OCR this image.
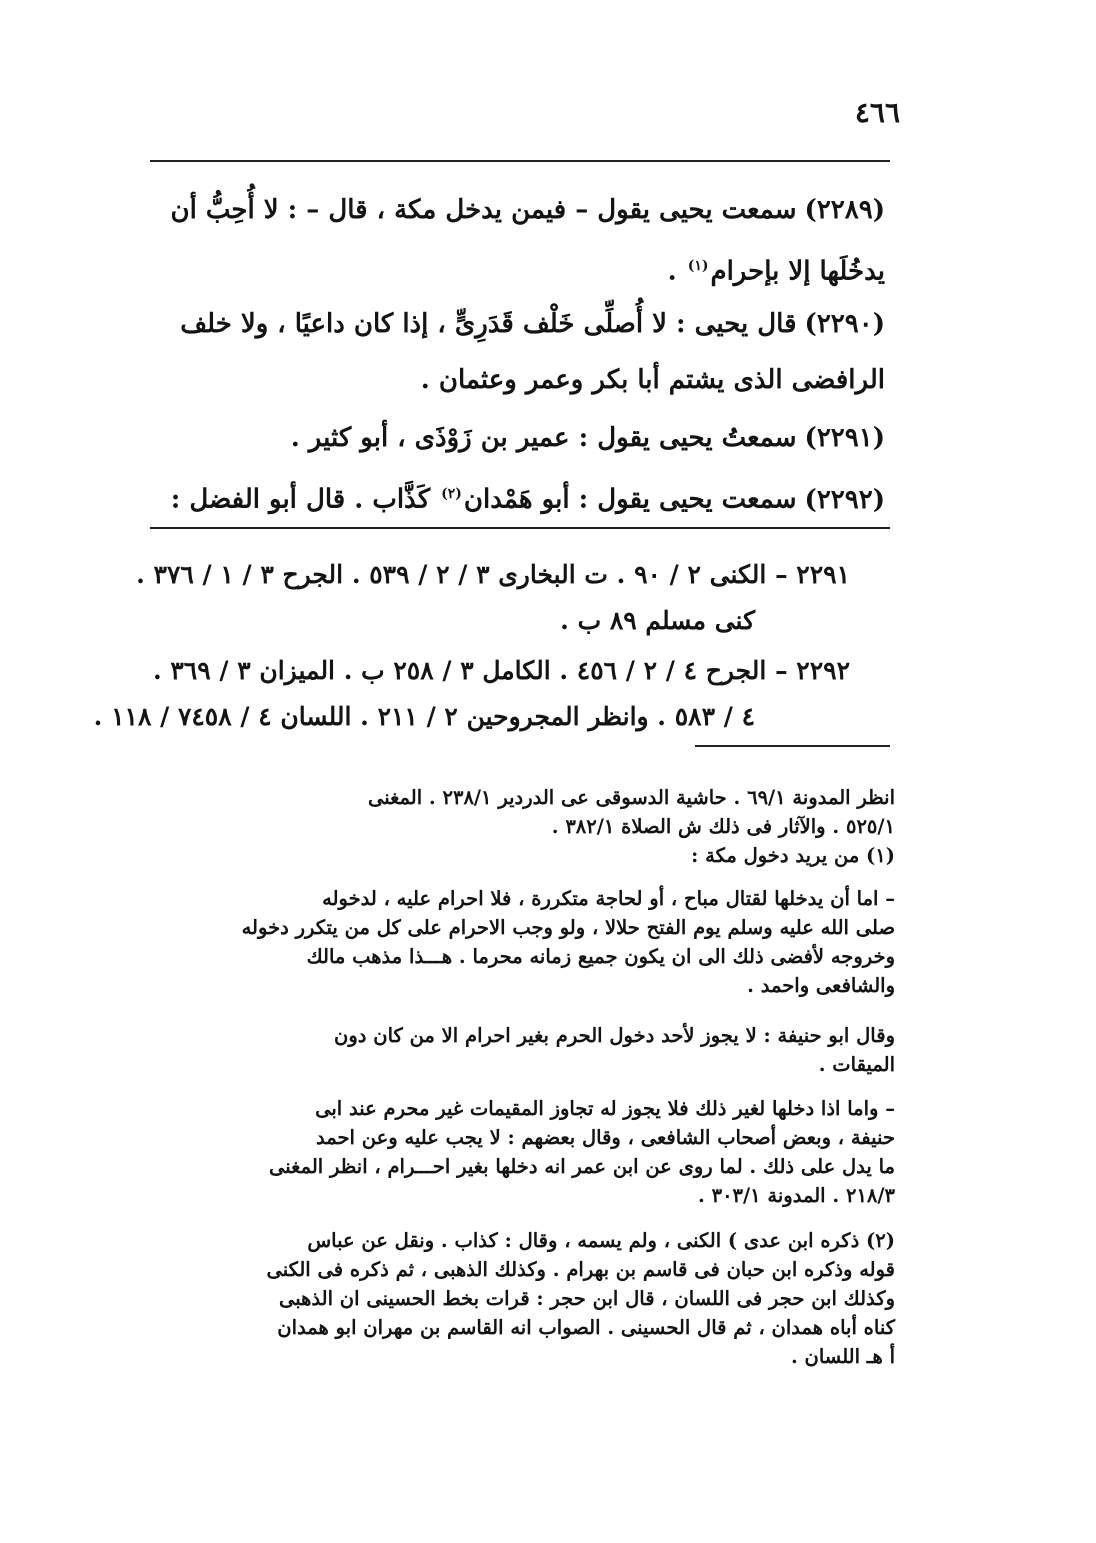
٤٦٦
(٢٢٨٩)سمعت يحيى يقول – فيمن يدخل مكة ، قال – : لا أُحِبُّ أن
يدخُلَها إلا بإحرام$^{(١)}$ .
(٢٢٩٠)قال يحيى : لا أُصلِّى خَلْف قَدَرِىٍّ ، إذا كان داعيًا ، ولا خلف
الرافضى الذى يشتم أبا بكر وعمر وعثمان .
(٢٢٩١)سمعتُ يحيى يقول : عمير بن زَوْذَى ، أبو كثير .
(٢٢٩٢)سمعت يحيى يقول : أبو هَمْدان$^{(٢)}$ كَذَّاب . قال أبو الفضل :
٢٢٩١ – الكنى ٢ / ٩٠ . ت البخارى ٣ / ٢ / ٥٣٩ . الجرح ٣ / ١ / ٣٧٦ .
كنى مسلم ٨٩ ب .
٢٢٩٢ – الجرح ٤ / ٢ / ٤٥٦ . الكامل ٣ / ٢٥٨ ب . الميزان ٣ / ٣٦٩ .
٤ / ٥٨٣ . وانظر المجروحين ٢ / ٢١١ . اللسان ٤ / ٧٤٥٨ / ١١٨ .

انظر المدونة ٦٩/١ . حاشية الدسوقى عى الدردير ٢٣٨/١ . المغنى

٥٢٥/١ . والآثار فى ذلك ش الصلاة ٣٨٢/١ .

(١) من يريد دخول مكة :

– اما أن يدخلها لقتال مباح ، أو لحاجة متكررة ، فلا احرام عليه ، لدخوله

صلى الله عليه وسلم يوم الفتح حلالا ، ولو وجب الاحرام على كل من يتكرر دخوله

وخروجه لأفضى ذلك الى ان يكون جميع زمانه محرما . هـــذا مذهب مالك

والشافعى واحمد .

وقال ابو حنيفة : لا يجوز لأحد دخول الحرم بغير احرام الا من كان دون

الميقات .

– واما اذا دخلها لغير ذلك فلا يجوز له تجاوز المقيمات غير محرم عند ابى

حنيفة ، وبعض أصحاب الشافعى ، وقال بعضهم : لا يجب عليه وعن احمد

ما يدل على ذلك . لما روى عن ابن عمر انه دخلها بغير احـــرام ، انظر المغنى

٢١٨/٣ . المدونة ٣٠٣/١ .

(٢) ذكره ابن عدى ) الكنى ، ولم يسمه ، وقال : كذاب . ونقل عن عباس

قوله وذكره ابن حبان فى قاسم بن بهرام . وكذلك الذهبى ، ثم ذكره فى الكنى

وكذلك ابن حجر فى اللسان ، قال ابن حجر : قرات بخط الحسينى ان الذهبى

كناه أباه همدان ، ثم قال الحسينى . الصواب انه القاسم بن مهران ابو همدان

أ هـ اللسان .
